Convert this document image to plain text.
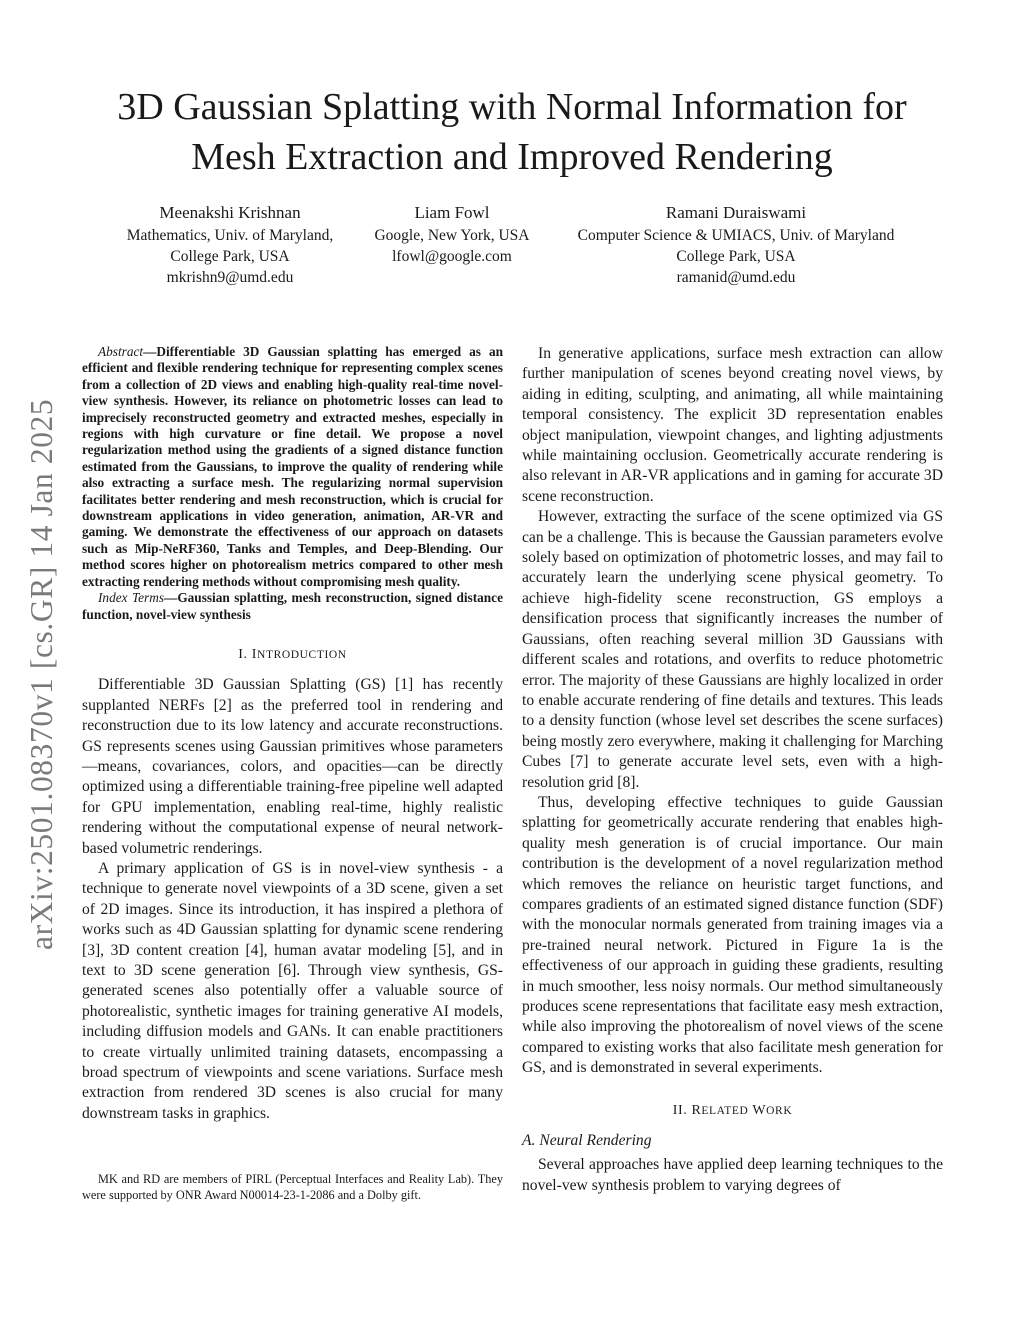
3D Gaussian Splatting with Normal Information for
Mesh Extraction and Improved Rendering
Meenakshi Krishnan
Mathematics, Univ. of Maryland,
College Park, USA
mkrishn9@umd.edu
Liam Fowl
Google, New York, USA
lfowl@google.com
Ramani Duraiswami
Computer Science & UMIACS, Univ. of Maryland
College Park, USA
ramanid@umd.edu
arXiv:2501.08370v1 [cs.GR] 14 Jan 2025

Abstract—Differentiable 3D Gaussian splatting has emerged as an efficient and flexible rendering technique for representing complex scenes from a collection of 2D views and enabling high-quality real-time novel-view synthesis. However, its reliance on photometric losses can lead to imprecisely reconstructed geometry and extracted meshes, especially in regions with high curvature or fine detail. We propose a novel regularization method using the gradients of a signed distance function estimated from the Gaussians, to improve the quality of rendering while also extracting a surface mesh. The regularizing normal supervision facilitates better rendering and mesh reconstruction, which is crucial for downstream applications in video generation, animation, AR-VR and gaming. We demonstrate the effectiveness of our approach on datasets such as Mip-NeRF360, Tanks and Temples, and Deep-Blending. Our method scores higher on photorealism metrics compared to other mesh extracting rendering methods without compromising mesh quality.

Index Terms—Gaussian splatting, mesh reconstruction, signed distance function, novel-view synthesis

I. INTRODUCTION

Differentiable 3D Gaussian Splatting (GS) [1] has recently supplanted NERFs [2] as the preferred tool in rendering and reconstruction due to its low latency and accurate reconstructions. GS represents scenes using Gaussian primitives whose parameters—means, covariances, colors, and opacities—can be directly optimized using a differentiable training-free pipeline well adapted for GPU implementation, enabling real-time, highly realistic rendering without the computational expense of neural network-based volumetric renderings.

A primary application of GS is in novel-view synthesis - a technique to generate novel viewpoints of a 3D scene, given a set of 2D images. Since its introduction, it has inspired a plethora of works such as 4D Gaussian splatting for dynamic scene rendering [3], 3D content creation [4], human avatar modeling [5], and in text to 3D scene generation [6]. Through view synthesis, GS-generated scenes also potentially offer a valuable source of photorealistic, synthetic images for training generative AI models, including diffusion models and GANs. It can enable practitioners to create virtually unlimited training datasets, encompassing a broad spectrum of viewpoints and scene variations. Surface mesh extraction from rendered 3D scenes is also crucial for many downstream tasks in graphics.

MK and RD are members of PIRL (Perceptual Interfaces and Reality Lab). They were supported by ONR Award N00014-23-1-2086 and a Dolby gift.

In generative applications, surface mesh extraction can allow further manipulation of scenes beyond creating novel views, by aiding in editing, sculpting, and animating, all while maintaining temporal consistency. The explicit 3D representation enables object manipulation, viewpoint changes, and lighting adjustments while maintaining occlusion. Geometrically accurate rendering is also relevant in AR-VR applications and in gaming for accurate 3D scene reconstruction.

However, extracting the surface of the scene optimized via GS can be a challenge. This is because the Gaussian parameters evolve solely based on optimization of photometric losses, and may fail to accurately learn the underlying scene physical geometry. To achieve high-fidelity scene reconstruction, GS employs a densification process that significantly increases the number of Gaussians, often reaching several million 3D Gaussians with different scales and rotations, and overfits to reduce photometric error. The majority of these Gaussians are highly localized in order to enable accurate rendering of fine details and textures. This leads to a density function (whose level set describes the scene surfaces) being mostly zero everywhere, making it challenging for Marching Cubes [7] to generate accurate level sets, even with a high-resolution grid [8].

Thus, developing effective techniques to guide Gaussian splatting for geometrically accurate rendering that enables high-quality mesh generation is of crucial importance. Our main contribution is the development of a novel regularization method which removes the reliance on heuristic target functions, and compares gradients of an estimated signed distance function (SDF) with the monocular normals generated from training images via a pre-trained neural network. Pictured in Figure 1a is the effectiveness of our approach in guiding these gradients, resulting in much smoother, less noisy normals. Our method simultaneously produces scene representations that facilitate easy mesh extraction, while also improving the photorealism of novel views of the scene compared to existing works that also facilitate mesh generation for GS, and is demonstrated in several experiments.

II. RELATED WORK
A. Neural Rendering

Several approaches have applied deep learning techniques to the novel-vew synthesis problem to varying degrees of
